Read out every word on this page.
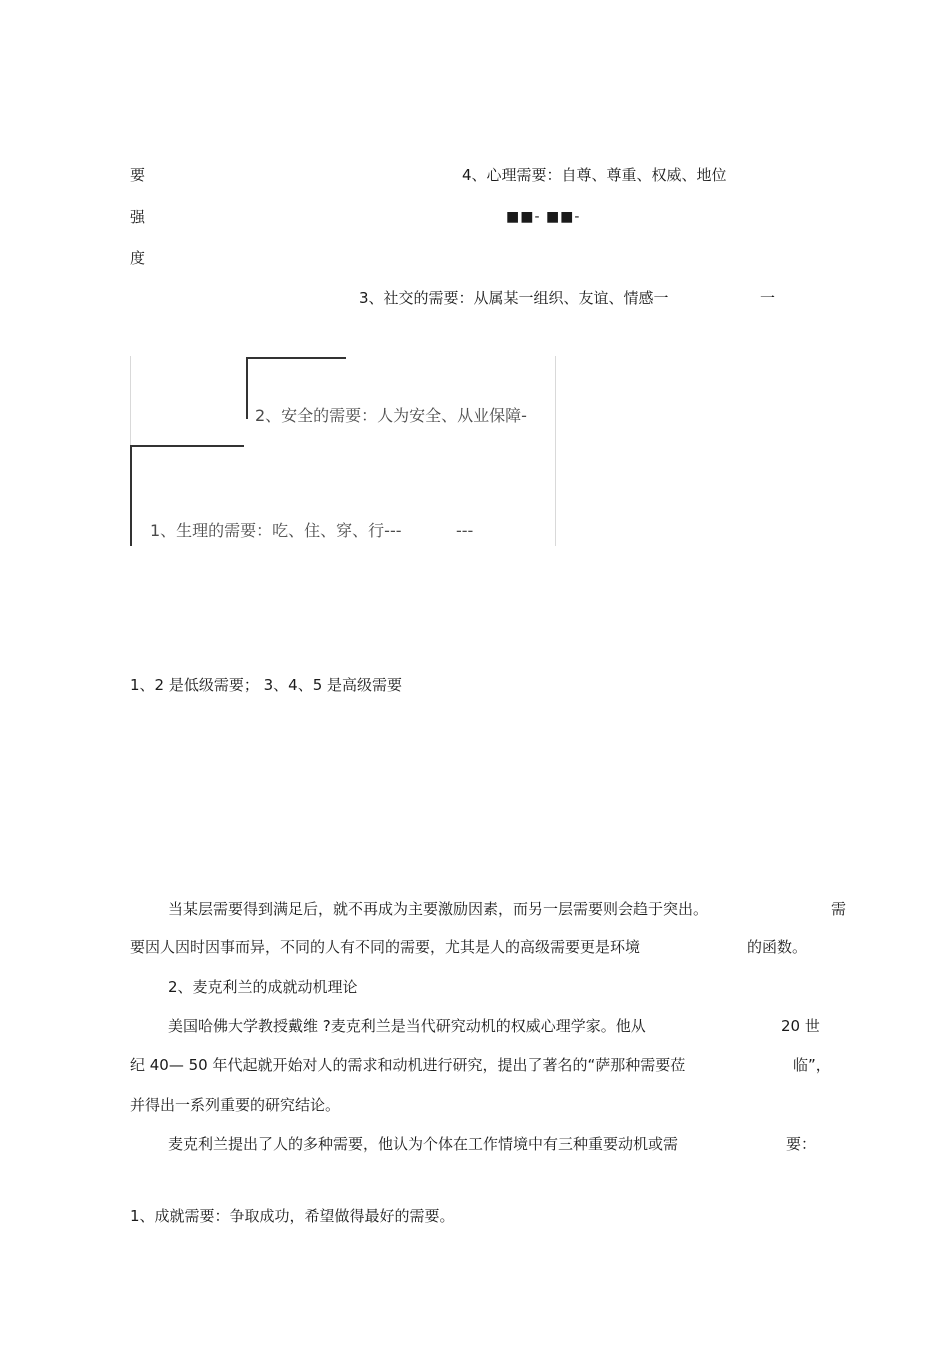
要
强
度
4、心理需要：自尊、尊重、权威、地位
■■- ■■-
3、社交的需要：从属某一组织、友谊、情感一	一
2、安全的需要：人为安全、从业保障-
1、生理的需要：吃、住、穿、行---	---
1、2 是低级需要； 3、4、5 是高级需要
当某层需要得到满足后，就不再成为主要激励因素，而另一层需要则会趋于突出。	需
要因人因时因事而异，不同的人有不同的需要，尤其是人的高级需要更是环境	的函数。
2、麦克利兰的成就动机理论
美国哈佛大学教授戴维 ?麦克利兰是当代研究动机的权威心理学家。他从	20 世
纪 40— 50 年代起就开始对人的需求和动机进行研究，提出了著名的“萨那种需要莅	临”，
并得出一系列重要的研究结论。
麦克利兰提出了人的多种需要，他认为个体在工作情境中有三种重要动机或需	要：
1、成就需要：争取成功，希望做得最好的需要。
